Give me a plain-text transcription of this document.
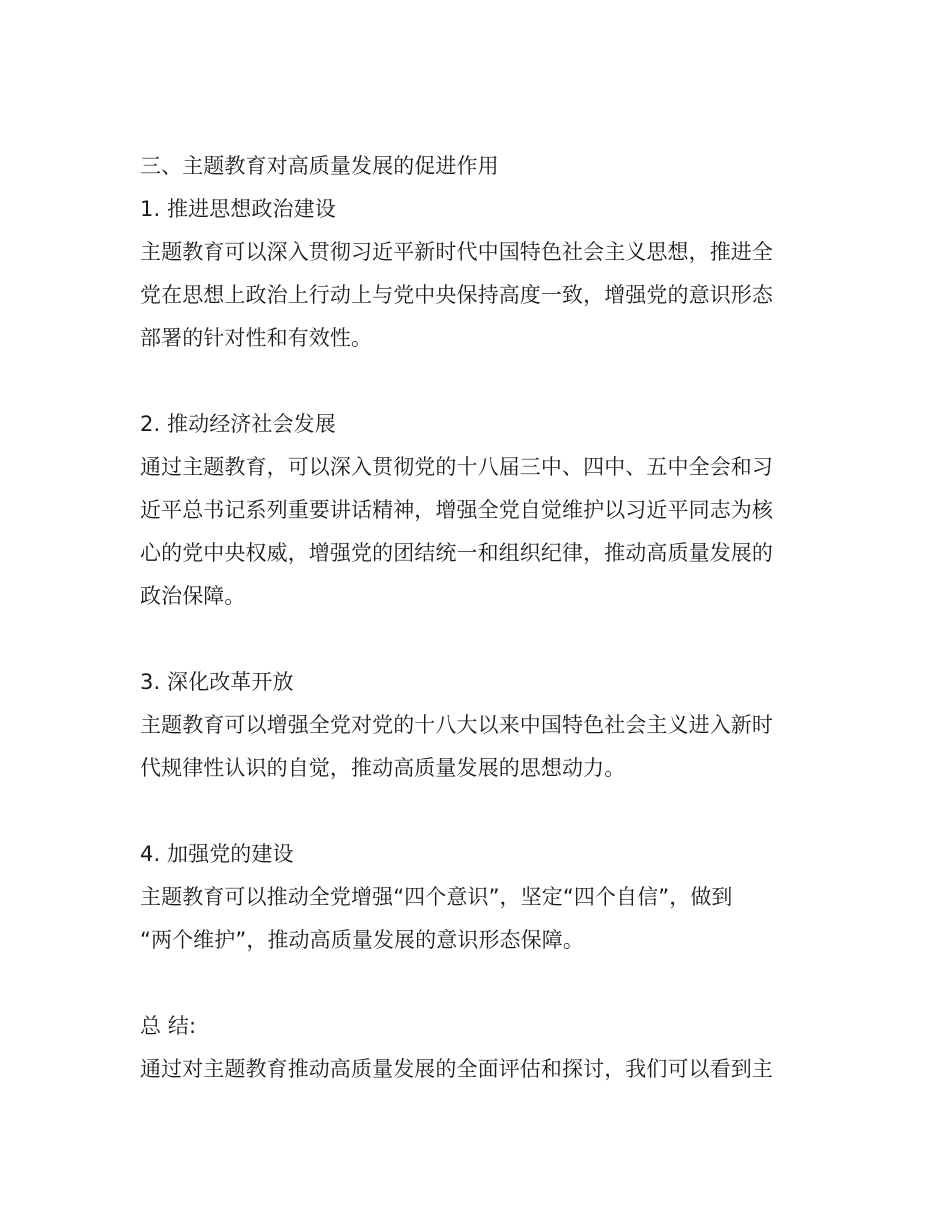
三、主题教育对高质量发展的促进作用

1. 推进思想政治建设

主题教育可以深入贯彻习近平新时代中国特色社会主义思想，推进全

党在思想上政治上行动上与党中央保持高度一致，增强党的意识形态

部署的针对性和有效性。

2. 推动经济社会发展

通过主题教育，可以深入贯彻党的十八届三中、四中、五中全会和习

近平总书记系列重要讲话精神，增强全党自觉维护以习近平同志为核

心的党中央权威，增强党的团结统一和组织纪律，推动高质量发展的

政治保障。

3. 深化改革开放

主题教育可以增强全党对党的十八大以来中国特色社会主义进入新时

代规律性认识的自觉，推动高质量发展的思想动力。

4. 加强党的建设

主题教育可以推动全党增强“四个意识”，坚定“四个自信”，做到

“两个维护”，推动高质量发展的意识形态保障。

总 结:

通过对主题教育推动高质量发展的全面评估和探讨，我们可以看到主
